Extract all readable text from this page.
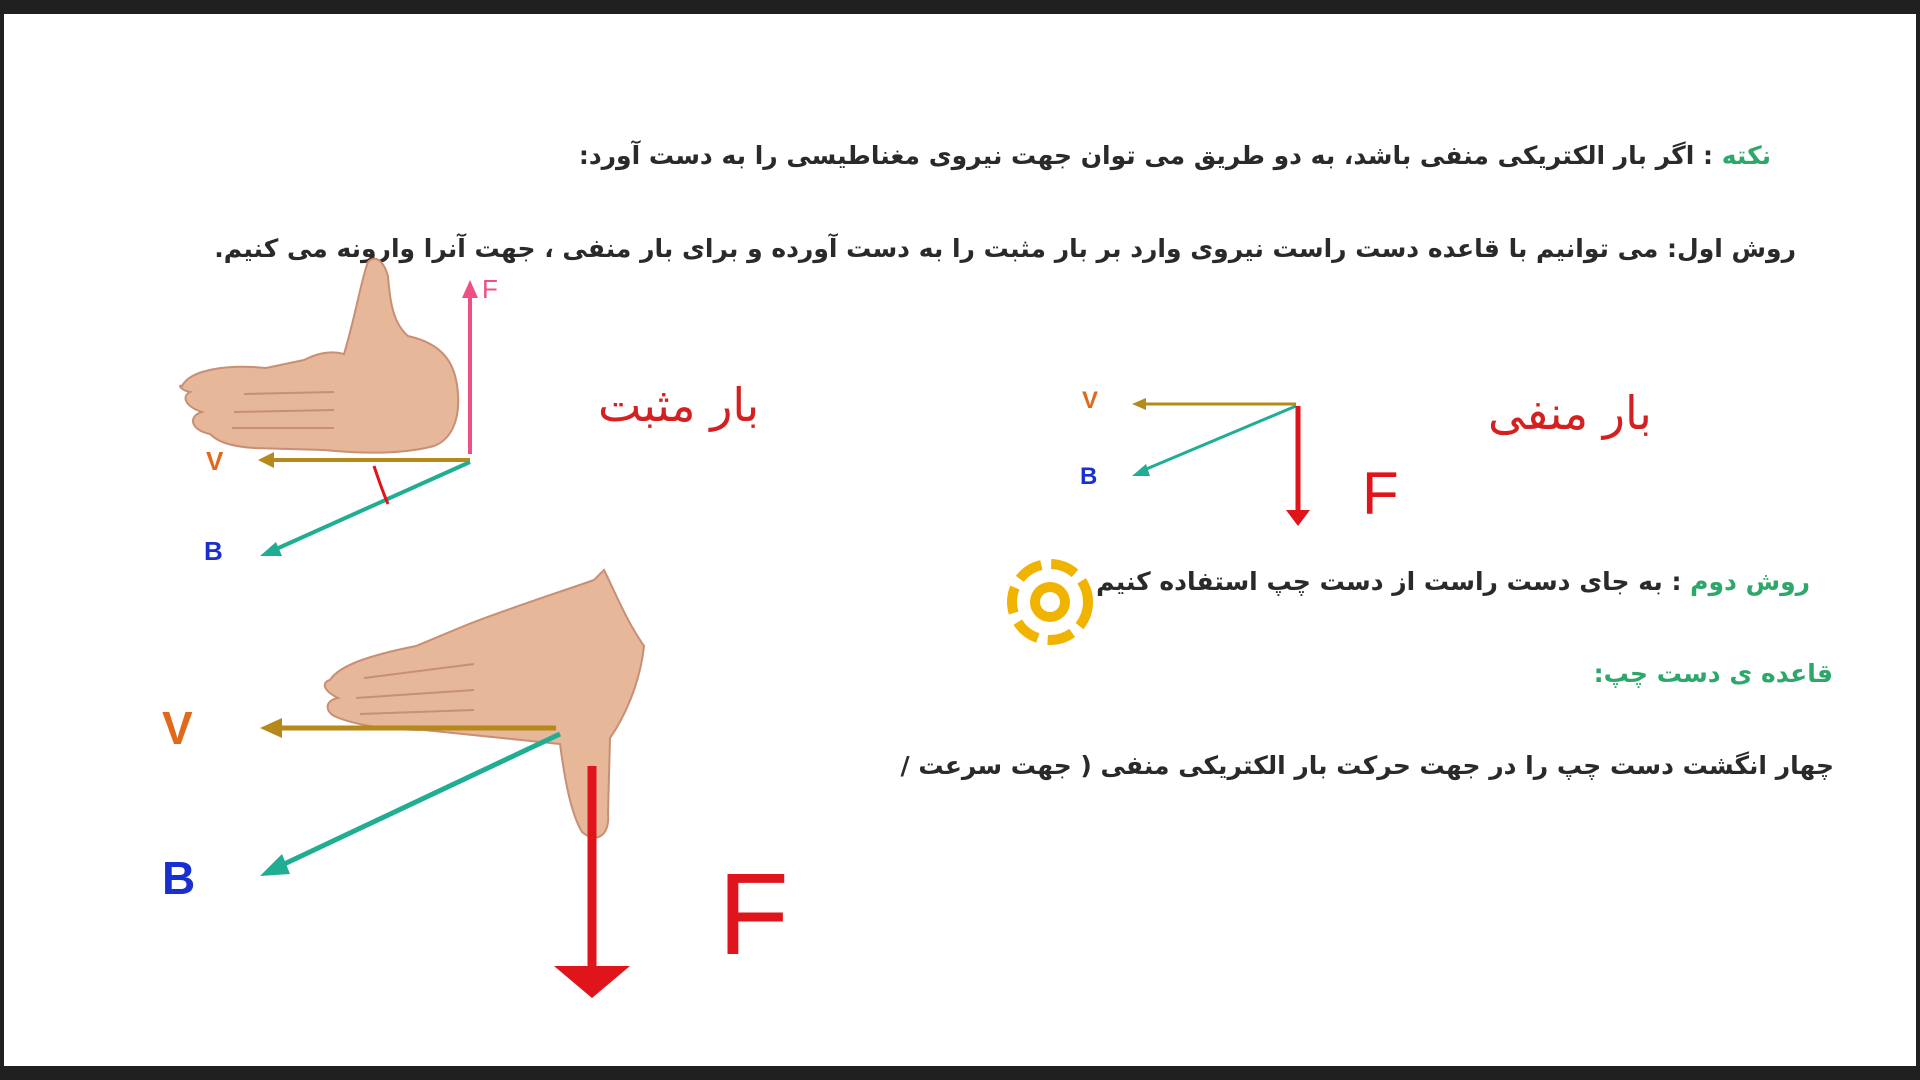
نکته : اگر بار الکتریکی منفی باشد، به دو طریق می توان جهت نیروی مغناطیسی را به دست آورد:
روش اول: می توانیم با قاعده دست راست نیروی وارد بر بار مثبت را به دست آورده و برای بار منفی ، جهت آنرا وارونه می کنیم.
بار مثبت	بار منفی
روش دوم : به جای دست راست از دست چپ استفاده کنیم
قاعده ی دست چپ:
چهار انگشت دست چپ را در جهت حرکت بار الکتریکی منفی ( جهت سرعت /
F
V
B
V
B	F
V
B	F
